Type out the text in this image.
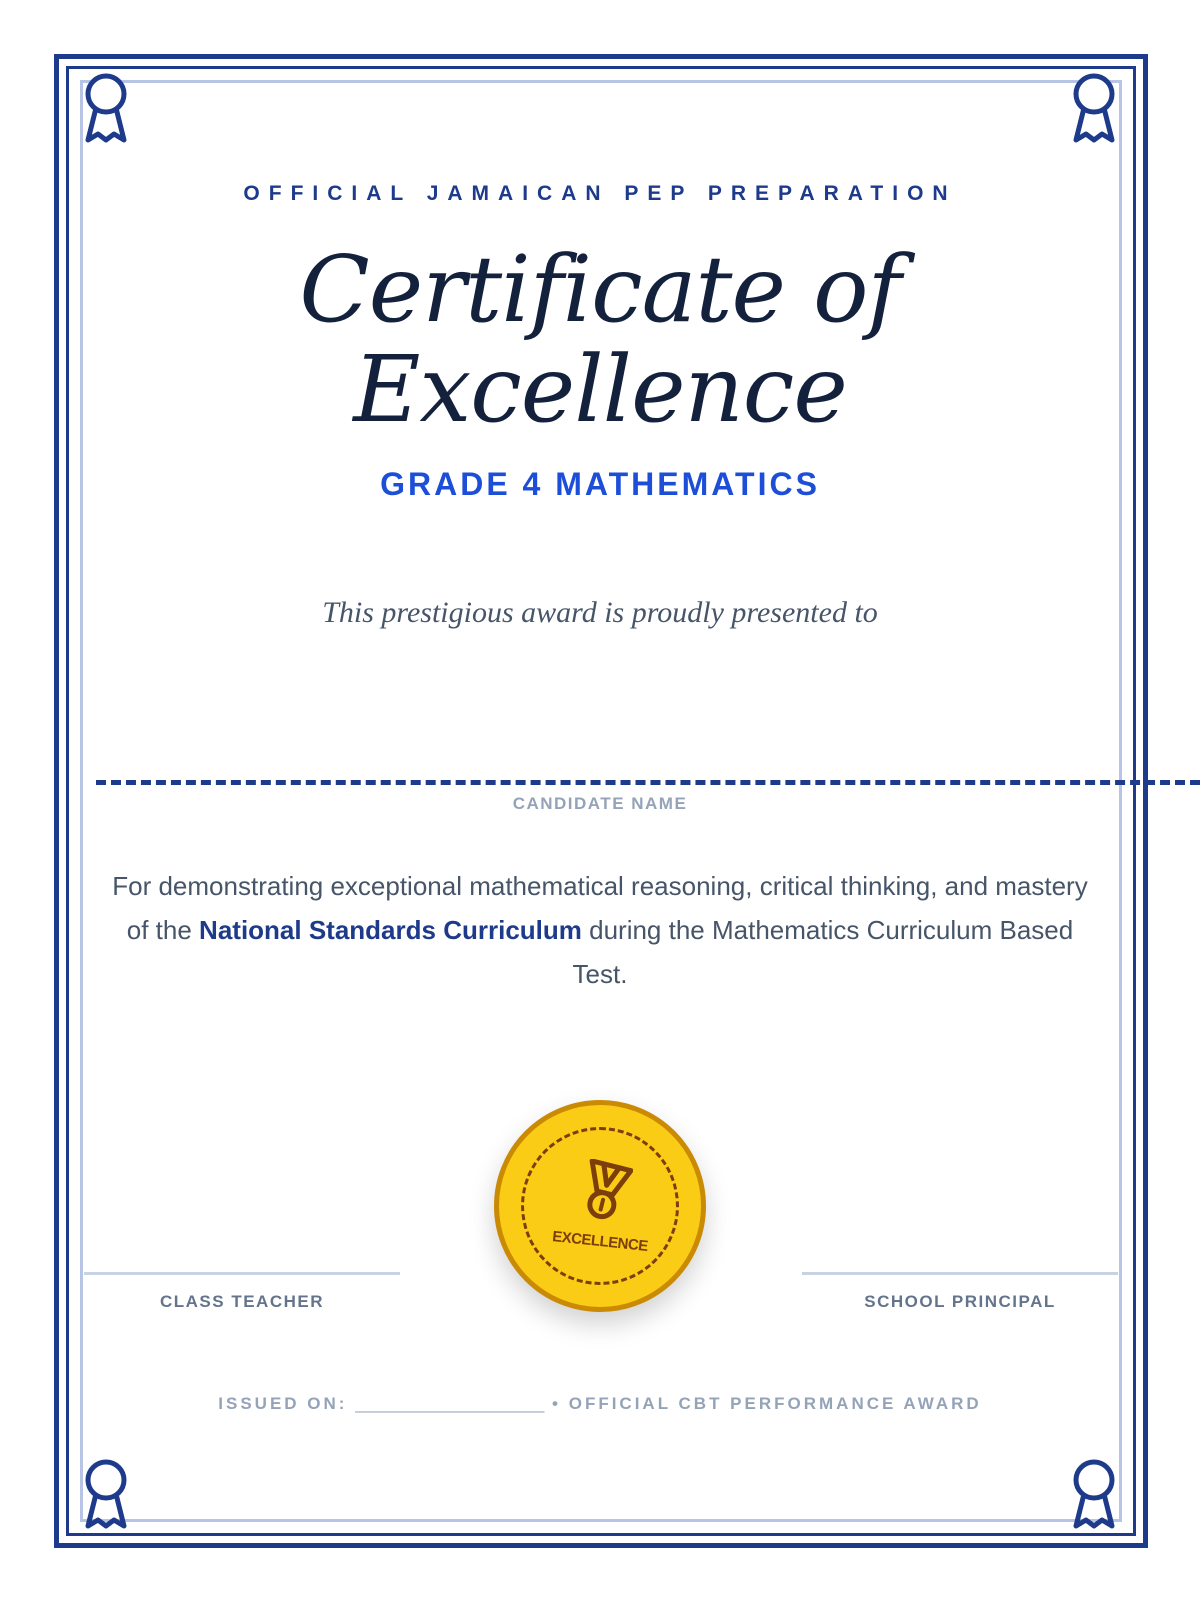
OFFICIAL JAMAICAN PEP PREPARATION
Certificate of
Excellence
GRADE 4 MATHEMATICS
This prestigious award is proudly presented to
CANDIDATE NAME
For demonstrating exceptional mathematical reasoning, critical thinking, and mastery of the National Standards Curriculum during the Mathematics Curriculum Based Test.
CLASS TEACHER	SCHOOL PRINCIPAL
EXCELLENCE
ISSUED ON: ____________________ • OFFICIAL CBT PERFORMANCE AWARD
